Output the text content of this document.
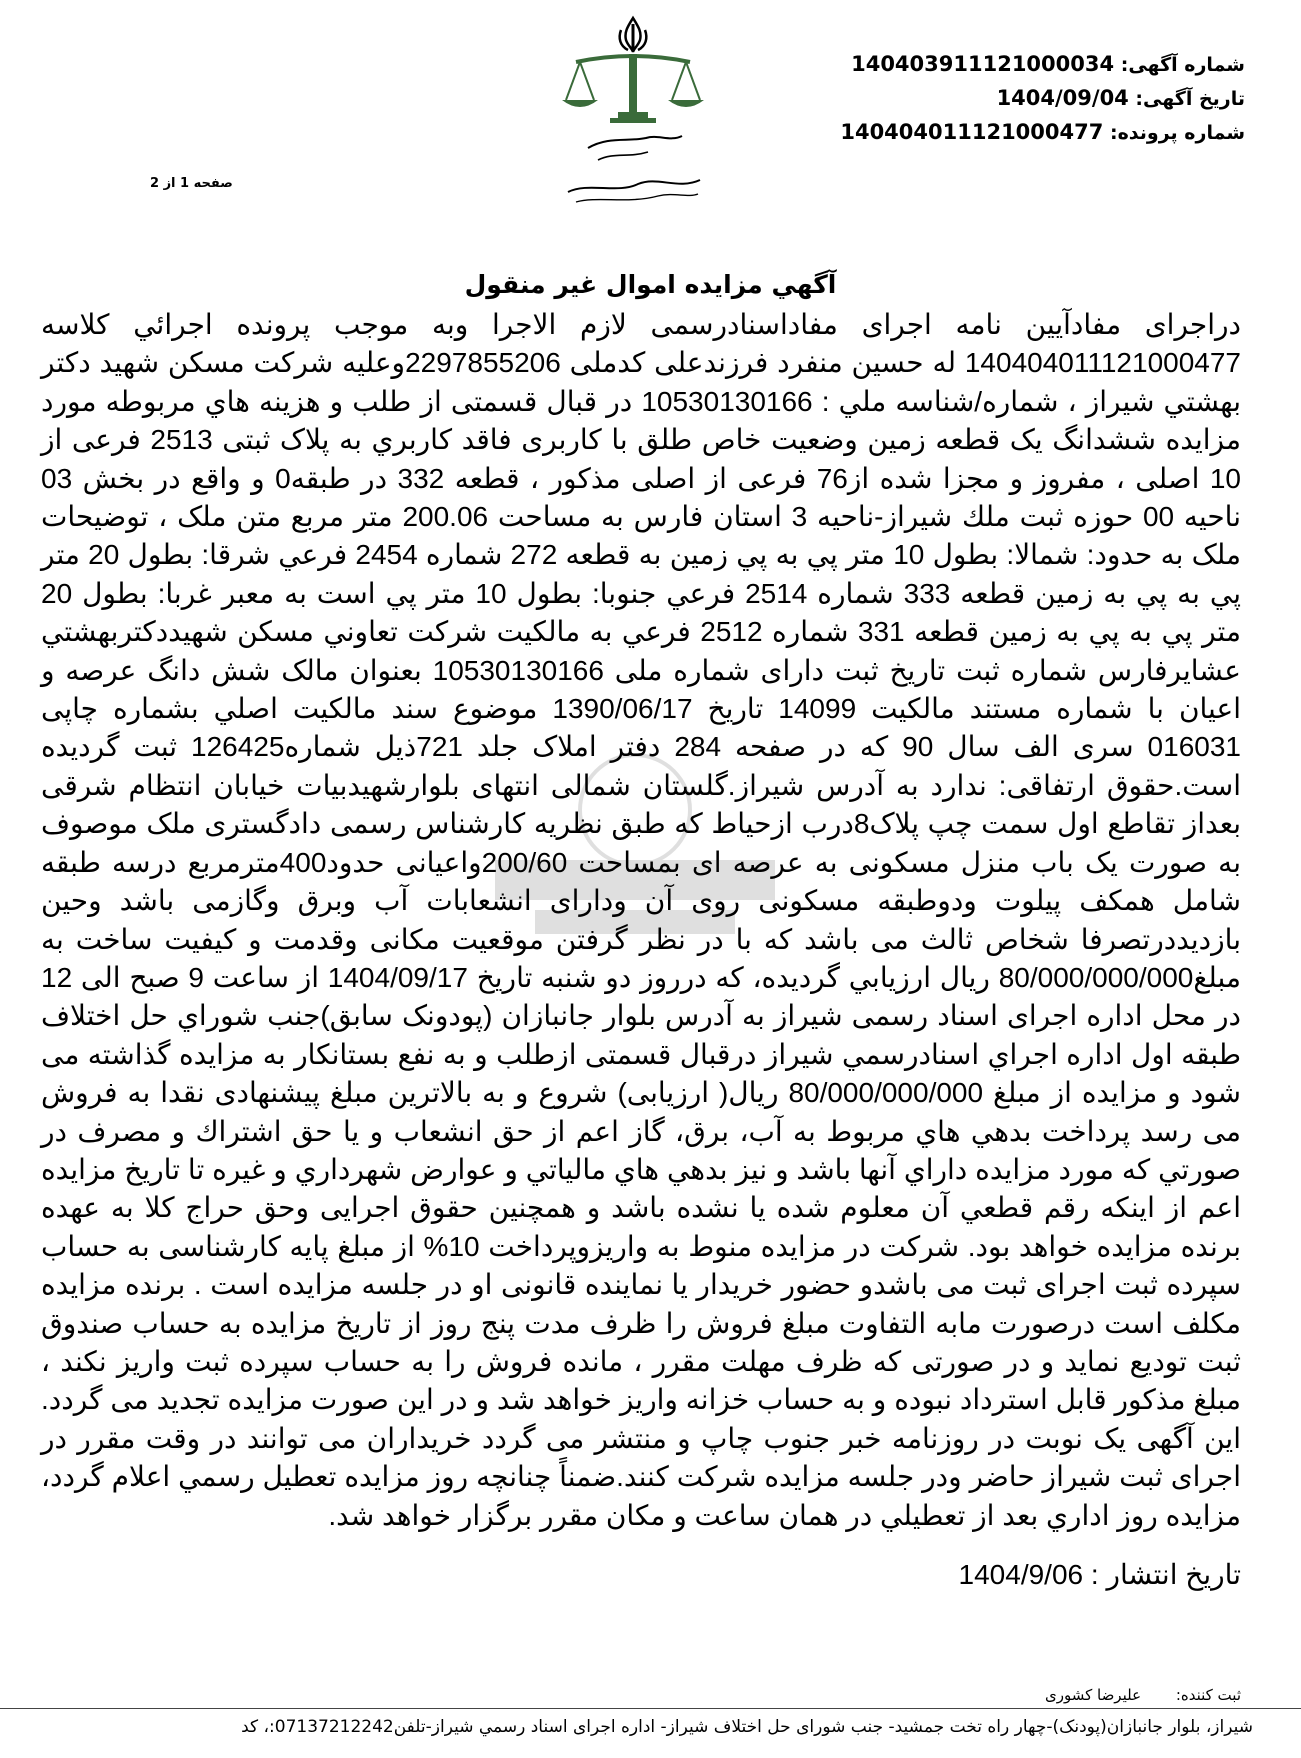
شماره آگهی: 140403911121000034
تاریخ آگهی: 1404/09/04
شماره پرونده: 140404011121000477
صفحه 1 از 2
آگهي مزايده اموال غير منقول

دراجرای مفادآیین نامه اجرای مفاداسنادرسمی لازم الاجرا وبه موجب پرونده اجرائي كلاسه 140404011121000477 له حسین منفرد فرزندعلی کدملی 2297855206وعلیه شرکت مسکن شهید دكتر بهشتي شيراز ، شماره/شناسه ملي : 10530130166 در قبال قسمتی از طلب و هزينه هاي مربوطه مورد مزایده ششدانگ یک قطعه زمین وضعیت خاص طلق با کاربری فاقد كاربري به پلاک ثبتی 2513 فرعی از 10 اصلی ، مفروز و مجزا شده از76 فرعی از اصلی مذکور ، قطعه 332 در طبقه0 و واقع در بخش 03 ناحیه 00 حوزه ثبت ملك شيراز-ناحیه 3 استان فارس به مساحت 200.06 متر مربع متن ملک ، توضيحات ملک به حدود: شمالا: بطول 10 متر پي به پي زمين به قطعه 272 شماره 2454 فرعي شرقا: بطول 20 متر پي به پي به زمين قطعه 333 شماره 2514 فرعي جنوبا: بطول 10 متر پي است به معبر غربا: بطول 20 متر پي به پي به زمين قطعه 331 شماره 2512 فرعي به مالكيت شركت تعاوني مسكن شهيددكتربهشتي عشايرفارس شماره ثبت تاريخ ثبت دارای شماره ملی 10530130166 بعنوان مالک شش دانگ عرصه و اعيان با شماره مستند مالكيت 14099 تاريخ 1390/06/17 موضوع سند مالكيت اصلي بشماره چاپی 016031 سری الف سال 90 که در صفحه 284 دفتر املاک جلد 721ذیل شماره126425 ثبت گرديده است.حقوق ارتفاقی: ندارد به آدرس شیراز.گلستان شمالی انتهای بلوارشهیدبیات خیابان انتظام شرقی بعداز تقاطع اول سمت چپ پلاک8درب ازحیاط که طبق نظریه کارشناس رسمی دادگستری ملک موصوف به صورت یک باب منزل مسکونی به عرصه ای بمساحت 200/60واعیانی حدود400مترمربع درسه طبقه شامل همکف پیلوت ودوطبقه مسکونی روی آن ودارای انشعابات آب وبرق وگازمی باشد وحین بازدیددرتصرفا شخاص ثالث می باشد که با در نظر گرفتن موقعیت مکانی وقدمت و کیفیت ساخت به مبلغ80/000/000/000 ريال ارزيابي گرديده، كه درروز دو شنبه تاريخ 1404/09/17 از ساعت 9 صبح الی 12 در محل اداره اجرای اسناد رسمی شیراز به آدرس بلوار جانبازان (پودونک سابق)جنب شوراي حل اختلاف طبقه اول اداره اجراي اسنادرسمي شيراز درقبال قسمتی ازطلب و به نفع بستانكار به مزايده گذاشته می شود و مزايده از مبلغ 80/000/000/000 ريال( ارزيابی) شروع و به بالاترين مبلغ پيشنهادی نقدا به فروش می رسد پرداخت بدهي هاي مربوط به آب، برق، گاز اعم از حق انشعاب و يا حق اشتراك و مصرف در صورتي كه مورد مزايده داراي آنها باشد و نيز بدهي هاي مالياتي و عوارض شهرداري و غيره تا تاريخ مزايده اعم از اينكه رقم قطعي آن معلوم شده يا نشده باشد و همچنين حقوق اجرایی وحق حراج كلا به عهده برنده مزايده خواهد بود. شركت در مزايده منوط به واريزوپرداخت 10% از مبلغ پايه كارشناسی به حساب سپرده ثبت اجرای ثبت می باشدو حضور خريدار يا نماينده قانونی او در جلسه مزايده است . برنده مزايده مكلف است درصورت مابه التفاوت مبلغ فروش را ظرف مدت پنج روز از تاريخ مزايده به حساب صندوق ثبت توديع نمايد و در صورتی كه ظرف مهلت مقرر ، مانده فروش را به حساب سپرده ثبت واريز نكند ، مبلغ مذكور قابل استرداد نبوده و به حساب خزانه واريز خواهد شد و در اين صورت مزايده تجديد می گردد. اين آگهی يک نوبت در روزنامه خبر جنوب چاپ و منتشر می گردد خريداران می توانند در وقت مقرر در اجرای ثبت شيراز حاضر ودر جلسه مزايده شركت كنند.ضمناً چنانچه روز مزايده تعطيل رسمي اعلام گردد، مزايده روز اداري بعد از تعطيلي در همان ساعت و مكان مقرر برگزار خواهد شد.

تاریخ انتشار : 1404/9/06
ثبت کننده: علیرضا کشوری
شیراز، بلوار جانبازان(پودنک)-چهار راه تخت جمشید- جنب شورای حل اختلاف شیراز- اداره اجرای اسناد رسمي شیراز-تلفن07137212242:، کد
